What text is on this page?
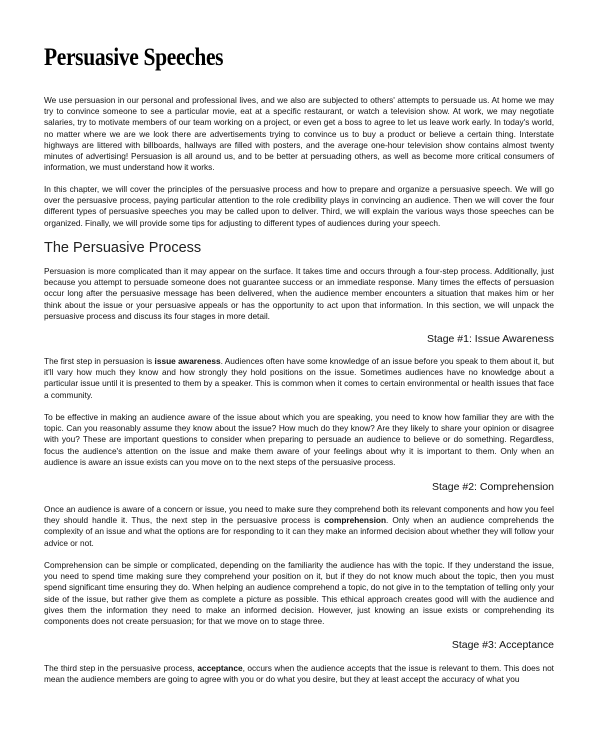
Persuasive Speeches

We use persuasion in our personal and professional lives, and we also are subjected to others' attempts to persuade us. At home we may try to convince someone to see a particular movie, eat at a specific restaurant, or watch a television show. At work, we may negotiate salaries, try to motivate members of our team working on a project, or even get a boss to agree to let us leave work early. In today's world, no matter where we are we look there are advertisements trying to convince us to buy a product or believe a certain thing. Interstate highways are littered with billboards, hallways are filled with posters, and the average one-hour television show contains almost twenty minutes of advertising! Persuasion is all around us, and to be better at persuading others, as well as become more critical consumers of information, we must understand how it works.

In this chapter, we will cover the principles of the persuasive process and how to prepare and organize a persuasive speech. We will go over the persuasive process, paying particular attention to the role credibility plays in convincing an audience. Then we will cover the four different types of persuasive speeches you may be called upon to deliver. Third, we will explain the various ways those speeches can be organized. Finally, we will provide some tips for adjusting to different types of audiences during your speech.

The Persuasive Process

Persuasion is more complicated than it may appear on the surface. It takes time and occurs through a four-step process. Additionally, just because you attempt to persuade someone does not guarantee success or an immediate response. Many times the effects of persuasion occur long after the persuasive message has been delivered, when the audience member encounters a situation that makes him or her think about the issue or your persuasive appeals or has the opportunity to act upon that information. In this section, we will unpack the persuasive process and discuss its four stages in more detail.

Stage #1: Issue Awareness

The first step in persuasion is issue awareness. Audiences often have some knowledge of an issue before you speak to them about it, but it'll vary how much they know and how strongly they hold positions on the issue. Sometimes audiences have no knowledge about a particular issue until it is presented to them by a speaker. This is common when it comes to certain environmental or health issues that face a community.

To be effective in making an audience aware of the issue about which you are speaking, you need to know how familiar they are with the topic. Can you reasonably assume they know about the issue? How much do they know? Are they likely to share your opinion or disagree with you? These are important questions to consider when preparing to persuade an audience to believe or do something. Regardless, focus the audience's attention on the issue and make them aware of your feelings about why it is important to them. Only when an audience is aware an issue exists can you move on to the next steps of the persuasive process.

Stage #2: Comprehension

Once an audience is aware of a concern or issue, you need to make sure they comprehend both its relevant components and how you feel they should handle it. Thus, the next step in the persuasive process is comprehension. Only when an audience comprehends the complexity of an issue and what the options are for responding to it can they make an informed decision about whether they will follow your advice or not.

Comprehension can be simple or complicated, depending on the familiarity the audience has with the topic. If they understand the issue, you need to spend time making sure they comprehend your position on it, but if they do not know much about the topic, then you must spend significant time ensuring they do. When helping an audience comprehend a topic, do not give in to the temptation of telling only your side of the issue, but rather give them as complete a picture as possible. This ethical approach creates good will with the audience and gives them the information they need to make an informed decision. However, just knowing an issue exists or comprehending its components does not create persuasion; for that we move on to stage three.

Stage #3: Acceptance

The third step in the persuasive process, acceptance, occurs when the audience accepts that the issue is relevant to them. This does not mean the audience members are going to agree with you or do what you desire, but they at least accept the accuracy of what you
